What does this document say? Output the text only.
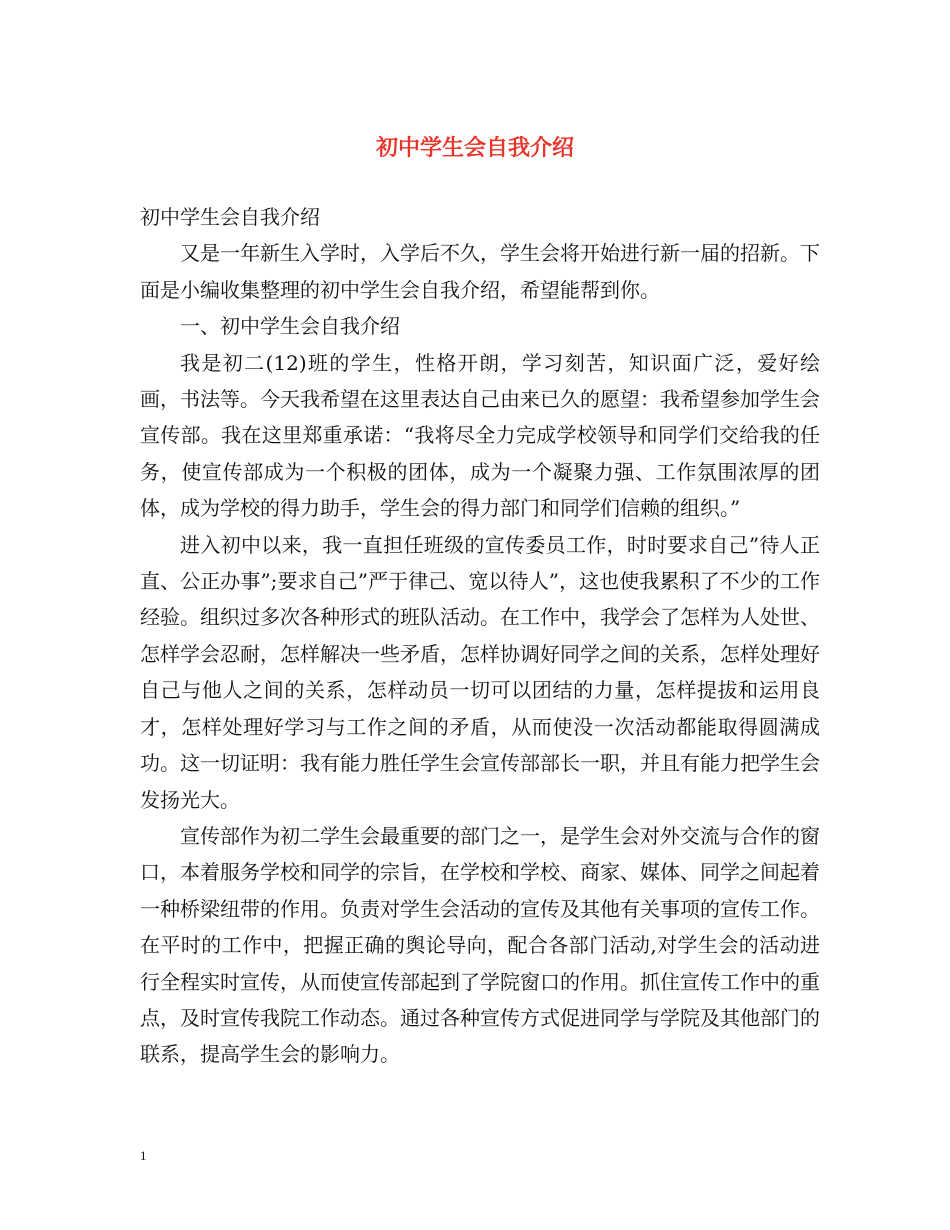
初中学生会自我介绍

初中学生会自我介绍

又是一年新生入学时，入学后不久，学生会将开始进行新一届的招新。下面是小编收集整理的初中学生会自我介绍，希望能帮到你。

一、初中学生会自我介绍

我是初二(12)班的学生，性格开朗，学习刻苦，知识面广泛，爱好绘画，书法等。今天我希望在这里表达自己由来已久的愿望：我希望参加学生会宣传部。我在这里郑重承诺：“我将尽全力完成学校领导和同学们交给我的任务，使宣传部成为一个积极的团体，成为一个凝聚力强、工作氛围浓厚的团体，成为学校的得力助手，学生会的得力部门和同学们信赖的组织。”

进入初中以来，我一直担任班级的宣传委员工作，时时要求自己”待人正直、公正办事”;要求自己”严于律己、宽以待人”，这也使我累积了不少的工作经验。组织过多次各种形式的班队活动。在工作中，我学会了怎样为人处世、怎样学会忍耐，怎样解决一些矛盾，怎样协调好同学之间的关系，怎样处理好自己与他人之间的关系，怎样动员一切可以团结的力量，怎样提拔和运用良才，怎样处理好学习与工作之间的矛盾，从而使没一次活动都能取得圆满成功。这一切证明：我有能力胜任学生会宣传部部长一职，并且有能力把学生会发扬光大。

宣传部作为初二学生会最重要的部门之一，是学生会对外交流与合作的窗口，本着服务学校和同学的宗旨，在学校和学校、商家、媒体、同学之间起着一种桥梁纽带的作用。负责对学生会活动的宣传及其他有关事项的宣传工作。在平时的工作中，把握正确的舆论导向，配合各部门活动,对学生会的活动进行全程实时宣传，从而使宣传部起到了学院窗口的作用。抓住宣传工作中的重点，及时宣传我院工作动态。通过各种宣传方式促进同学与学院及其他部门的联系，提高学生会的影响力。

1
